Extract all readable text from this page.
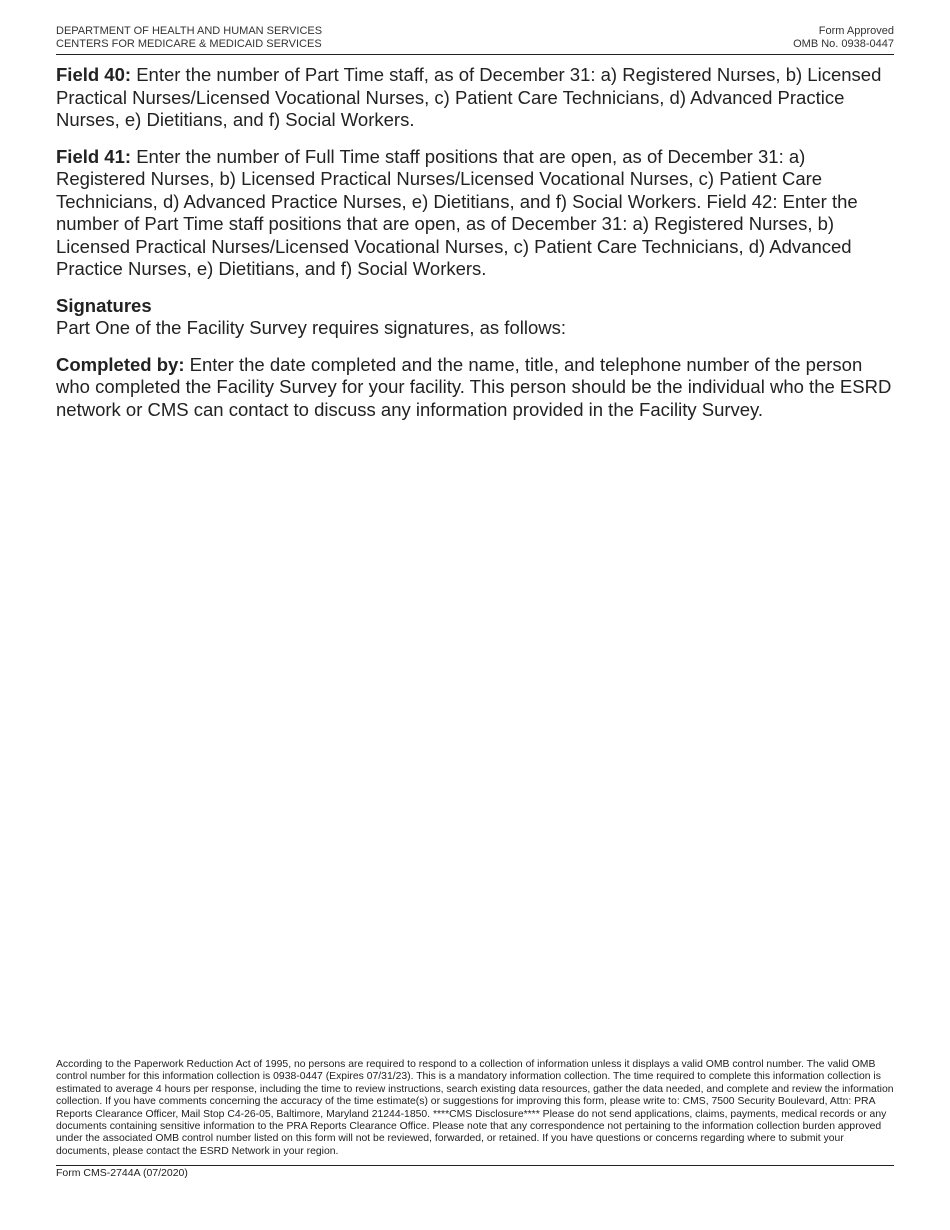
DEPARTMENT OF HEALTH AND HUMAN SERVICES
CENTERS FOR MEDICARE & MEDICAID SERVICES
Form Approved
OMB No. 0938-0447

Field 40: Enter the number of Part Time staff, as of December 31: a) Registered Nurses, b) Licensed Practical Nurses/Licensed Vocational Nurses, c) Patient Care Technicians, d) Advanced Practice Nurses, e) Dietitians, and f) Social Workers.

Field 41: Enter the number of Full Time staff positions that are open, as of December 31: a) Registered Nurses, b) Licensed Practical Nurses/Licensed Vocational Nurses, c) Patient Care Technicians, d) Advanced Practice Nurses, e) Dietitians, and f) Social Workers. Field 42: Enter the number of Part Time staff positions that are open, as of December 31: a) Registered Nurses, b) Licensed Practical Nurses/Licensed Vocational Nurses, c) Patient Care Technicians, d) Advanced Practice Nurses, e) Dietitians, and f) Social Workers.

Signatures

Part One of the Facility Survey requires signatures, as follows:

Completed by: Enter the date completed and the name, title, and telephone number of the person who completed the Facility Survey for your facility. This person should be the individual who the ESRD network or CMS can contact to discuss any information provided in the Facility Survey.

According to the Paperwork Reduction Act of 1995, no persons are required to respond to a collection of information unless it displays a valid OMB control number. The valid OMB control number for this information collection is 0938-0447 (Expires 07/31/23). This is a mandatory information collection. The time required to complete this information collection is estimated to average 4 hours per response, including the time to review instructions, search existing data resources, gather the data needed, and complete and review the information collection. If you have comments concerning the accuracy of the time estimate(s) or suggestions for improving this form, please write to: CMS, 7500 Security Boulevard, Attn: PRA Reports Clearance Officer, Mail Stop C4-26-05, Baltimore, Maryland 21244-1850. ****CMS Disclosure**** Please do not send applications, claims, payments, medical records or any documents containing sensitive information to the PRA Reports Clearance Office. Please note that any correspondence not pertaining to the information collection burden approved under the associated OMB control number listed on this form will not be reviewed, forwarded, or retained. If you have questions or concerns regarding where to submit your documents, please contact the ESRD Network in your region.
Form CMS-2744A (07/2020)
